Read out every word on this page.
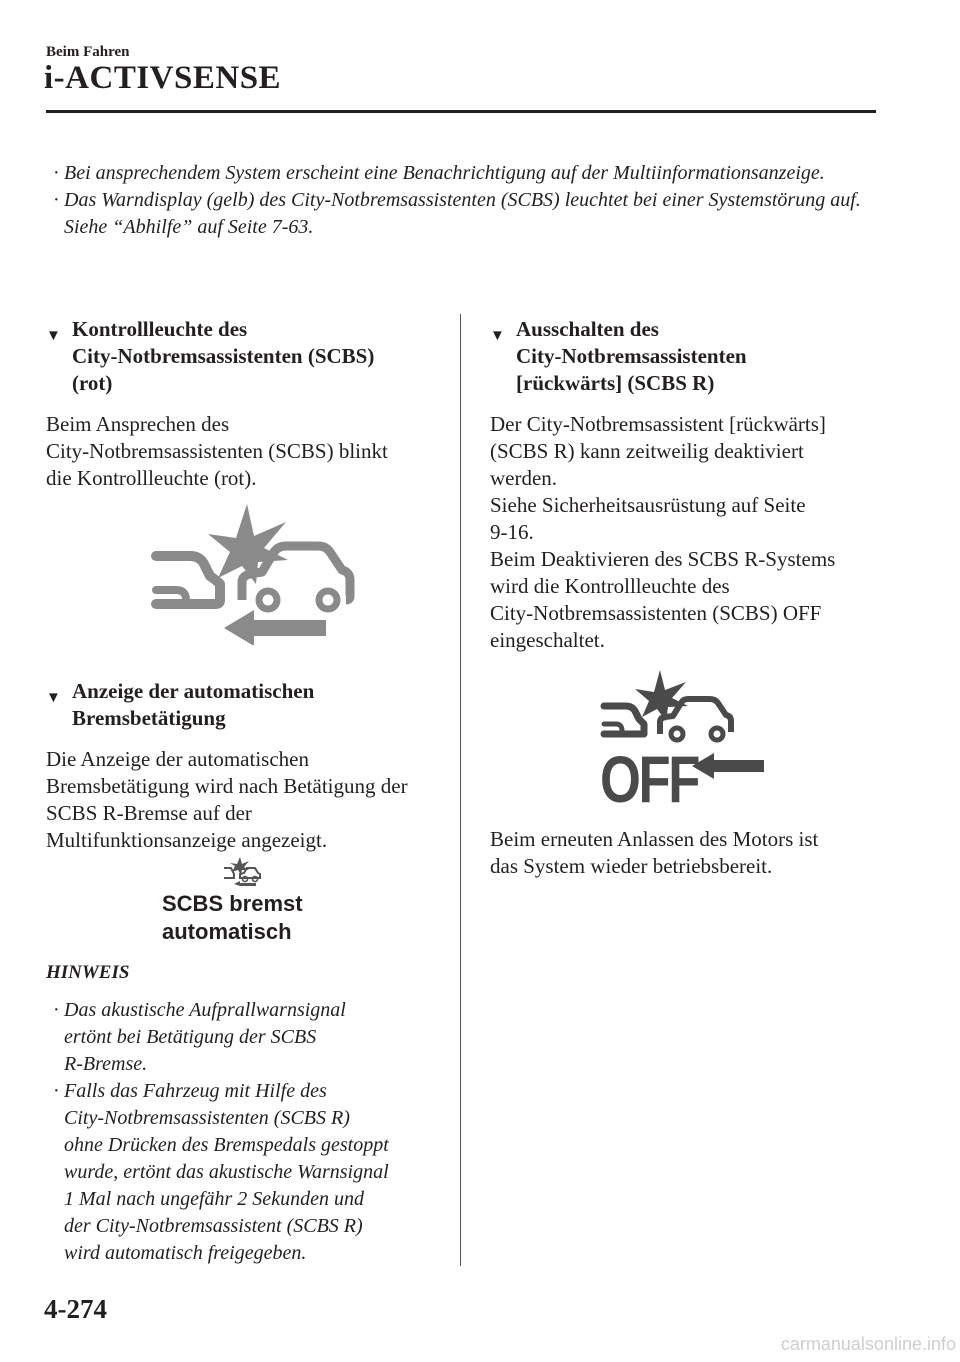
Beim Fahren
i-ACTIVSENSE
· Bei ansprechendem System erscheint eine Benachrichtigung auf der Multiinformationsanzeige.
· Das Warndisplay (gelb) des City-Notbremsassistenten (SCBS) leuchtet bei einer Systemstörung auf.
Siehe “Abhilfe” auf Seite 7-63.
▼ Kontrollleuchte des
City-Notbremsassistenten (SCBS)
(rot)
Beim Ansprechen des
City-Notbremsassistenten (SCBS) blinkt
die Kontrollleuchte (rot).
▼ Anzeige der automatischen
Bremsbetätigung
Die Anzeige der automatischen
Bremsbetätigung wird nach Betätigung der
SCBS R-Bremse auf der
Multifunktionsanzeige angezeigt.
SCBS bremst
automatisch
HINWEIS
· Das akustische Aufprallwarnsignal
ertönt bei Betätigung der SCBS
R-Bremse.
· Falls das Fahrzeug mit Hilfe des
City-Notbremsassistenten (SCBS R)
ohne Drücken des Bremspedals gestoppt
wurde, ertönt das akustische Warnsignal
1 Mal nach ungefähr 2 Sekunden und
der City-Notbremsassistent (SCBS R)
wird automatisch freigegeben.
▼ Ausschalten des
City-Notbremsassistenten
[rückwärts] (SCBS R)
Der City-Notbremsassistent [rückwärts]
(SCBS R) kann zeitweilig deaktiviert
werden.
Siehe Sicherheitsausrüstung auf Seite
9-16.
Beim Deaktivieren des SCBS R-Systems
wird die Kontrollleuchte des
City-Notbremsassistenten (SCBS) OFF
eingeschaltet.
OFF
Beim erneuten Anlassen des Motors ist
das System wieder betriebsbereit.
4-274
carmanualsonline.info
